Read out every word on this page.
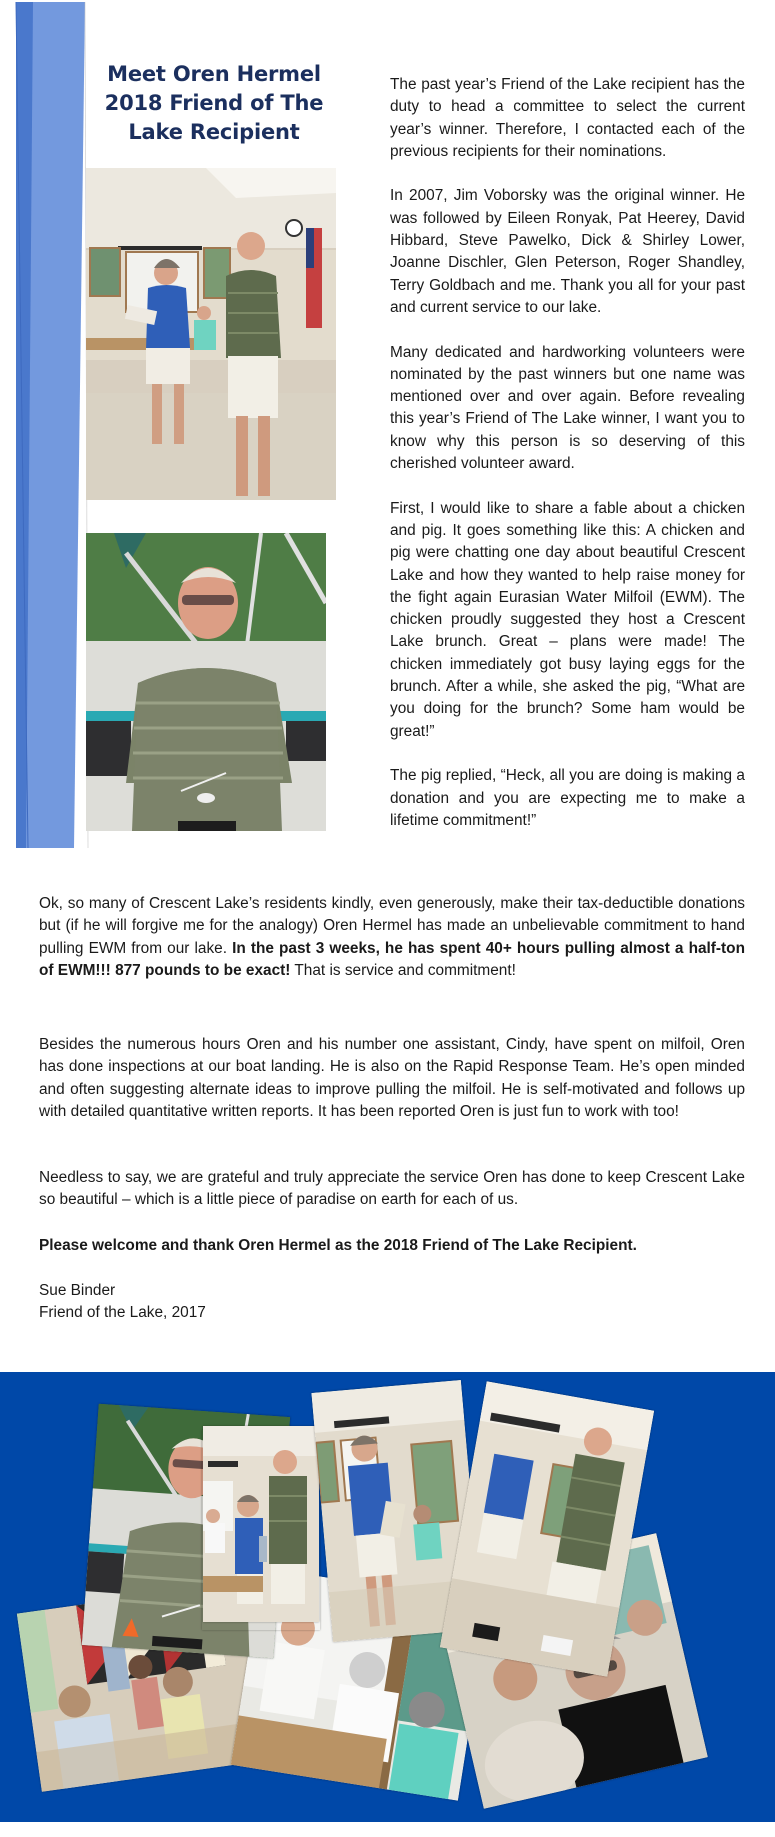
Meet Oren Hermel
2018 Friend of The
Lake Recipient

The past year’s Friend of the Lake recipient has the duty to head a committee to select the current year’s winner. Therefore, I contacted each of the previous recipients for their nominations.

In 2007, Jim Voborsky was the original winner. He was followed by Eileen Ronyak, Pat Heerey, David Hibbard, Steve Pawelko, Dick & Shirley Lower, Joanne Dischler, Glen Peterson, Roger Shandley, Terry Goldbach and me. Thank you all for your past and current service to our lake.

Many dedicated and hardworking volunteers were nominated by the past winners but one name was mentioned over and over again. Before revealing this year’s Friend of The Lake winner, I want you to know why this person is so deserving of this cherished volunteer award.

First, I would like to share a fable about a chicken and pig. It goes something like this: A chicken and pig were chatting one day about beautiful Crescent Lake and how they wanted to help raise money for the fight again Eurasian Water Milfoil (EWM). The chicken proudly suggested they host a Crescent Lake brunch. Great – plans were made! The chicken immediately got busy laying eggs for the brunch. After a while, she asked the pig, “What are you doing for the brunch? Some ham would be great!”

The pig replied, “Heck, all you are doing is making a donation and you are expecting me to make a lifetime commitment!”

Ok, so many of Crescent Lake’s residents kindly, even generously, make their tax-deductible donations but (if he will forgive me for the analogy) Oren Hermel has made an unbelievable commitment to hand pulling EWM from our lake. In the past 3 weeks, he has spent 40+ hours pulling almost a half-ton of EWM!!! 877 pounds to be exact! That is service and commitment!

Besides the numerous hours Oren and his number one assistant, Cindy, have spent on milfoil, Oren has done inspections at our boat landing. He is also on the Rapid Response Team. He’s open minded and often suggesting alternate ideas to improve pulling the milfoil. He is self-motivated and follows up with detailed quantitative written reports. It has been reported Oren is just fun to work with too!

Needless to say, we are grateful and truly appreciate the service Oren has done to keep Crescent Lake so beautiful – which is a little piece of paradise on earth for each of us.

Please welcome and thank Oren Hermel as the 2018 Friend of The Lake Recipient.

Sue Binder

Friend of the Lake, 2017
